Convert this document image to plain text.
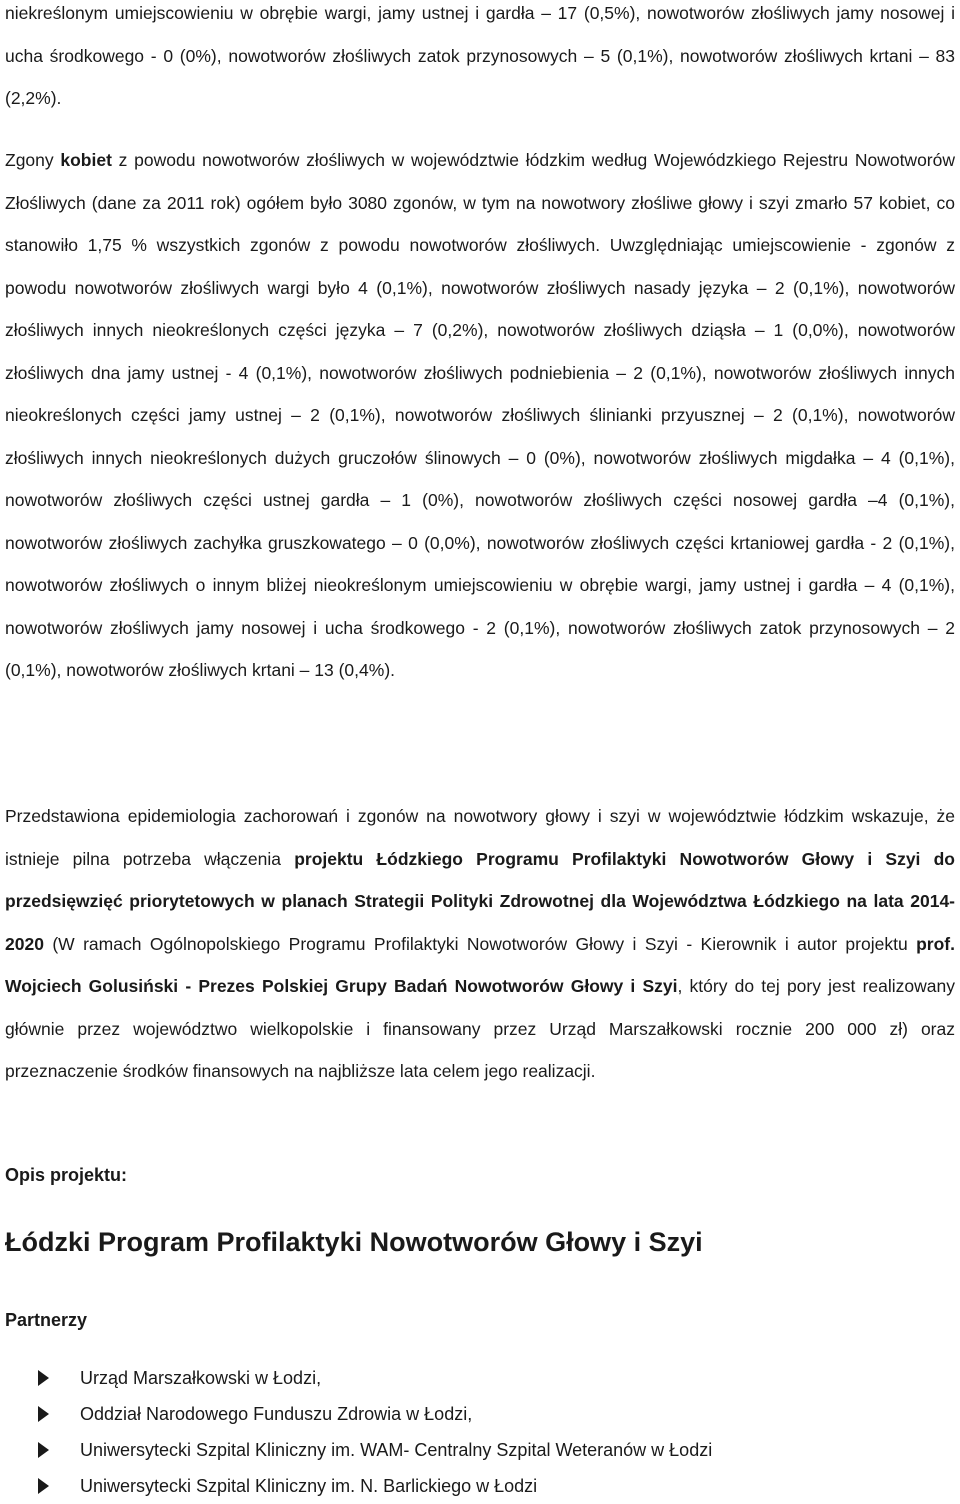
niekreślonym umiejscowieniu w obrębie wargi, jamy ustnej i gardła – 17 (0,5%), nowotworów złośliwych jamy nosowej i ucha środkowego - 0 (0%), nowotworów złośliwych zatok przynosowych – 5 (0,1%), nowotworów złośliwych krtani – 83 (2,2%).

Zgony kobiet z powodu nowotworów złośliwych w województwie łódzkim według Wojewódzkiego Rejestru Nowotworów Złośliwych (dane za 2011 rok) ogółem było 3080 zgonów, w tym na nowotwory złośliwe głowy i szyi zmarło 57 kobiet, co stanowiło 1,75 % wszystkich zgonów z powodu nowotworów złośliwych. Uwzględniając umiejscowienie - zgonów z powodu nowotworów złośliwych wargi było 4 (0,1%), nowotworów złośliwych nasady języka – 2 (0,1%), nowotworów złośliwych innych nieokreślonych części języka – 7 (0,2%), nowotworów złośliwych dziąsła – 1 (0,0%), nowotworów złośliwych dna jamy ustnej - 4 (0,1%), nowotworów złośliwych podniebienia – 2 (0,1%), nowotworów złośliwych innych nieokreślonych części jamy ustnej – 2 (0,1%), nowotworów złośliwych ślinianki przyusznej – 2 (0,1%), nowotworów złośliwych innych nieokreślonych dużych gruczołów ślinowych – 0 (0%), nowotworów złośliwych migdałka – 4 (0,1%), nowotworów złośliwych części ustnej gardła – 1 (0%), nowotworów złośliwych części nosowej gardła –4 (0,1%), nowotworów złośliwych zachyłka gruszkowatego – 0 (0,0%), nowotworów złośliwych części krtaniowej gardła - 2 (0,1%), nowotworów złośliwych o innym bliżej nieokreślonym umiejscowieniu w obrębie wargi, jamy ustnej i gardła – 4 (0,1%), nowotworów złośliwych jamy nosowej i ucha środkowego - 2 (0,1%), nowotworów złośliwych zatok przynosowych – 2 (0,1%), nowotworów złośliwych krtani – 13 (0,4%).

Przedstawiona epidemiologia zachorowań i zgonów na nowotwory głowy i szyi w województwie łódzkim wskazuje, że istnieje pilna potrzeba włączenia projektu Łódzkiego Programu Profilaktyki Nowotworów Głowy i Szyi do przedsięwzięć priorytetowych w planach Strategii Polityki Zdrowotnej dla Województwa Łódzkiego na lata 2014-2020 (W ramach Ogólnopolskiego Programu Profilaktyki Nowotworów Głowy i Szyi - Kierownik i autor projektu prof. Wojciech Golusiński - Prezes Polskiej Grupy Badań Nowotworów Głowy i Szyi, który do tej pory jest realizowany głównie przez województwo wielkopolskie i finansowany przez Urząd Marszałkowski rocznie 200 000 zł) oraz przeznaczenie środków finansowych na najbliższe lata celem jego realizacji.

Opis projektu:
Łódzki Program Profilaktyki Nowotworów Głowy i Szyi
Partnerzy
Urząd Marszałkowski w Łodzi,
Oddział Narodowego Funduszu Zdrowia w Łodzi,
Uniwersytecki Szpital Kliniczny im. WAM- Centralny Szpital Weteranów w Łodzi
Uniwersytecki Szpital Kliniczny im. N. Barlickiego w Łodzi
